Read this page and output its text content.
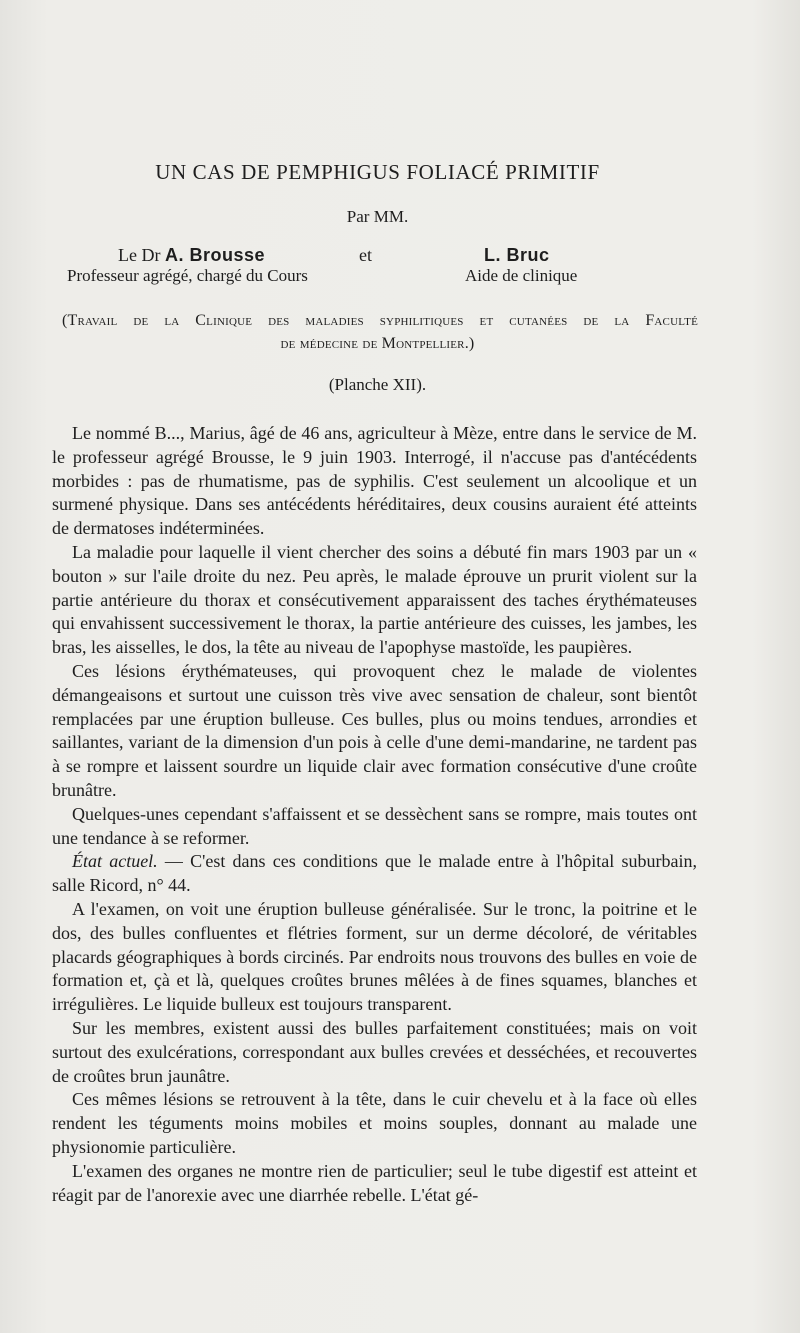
UN CAS DE PEMPHIGUS FOLIACÉ PRIMITIF
Par MM.
Le Dr A. Brousse	et	L. Bruc
Professeur agrégé, chargé du Cours	Aide de clinique
(Travail de la Clinique des maladies syphilitiques et cutanées de la Faculté
de médecine de Montpellier.)
(Planche XII).

Le nommé B..., Marius, âgé de 46 ans, agriculteur à Mèze, entre dans le service de M. le professeur agrégé Brousse, le 9 juin 1903. Interrogé, il n'accuse pas d'antécédents morbides : pas de rhumatisme, pas de syphilis. C'est seulement un alcoolique et un surmené physique. Dans ses antécédents héréditaires, deux cousins auraient été atteints de dermatoses indéterminées.

La maladie pour laquelle il vient chercher des soins a débuté fin mars 1903 par un « bouton » sur l'aile droite du nez. Peu après, le malade éprouve un prurit violent sur la partie antérieure du thorax et consécutivement apparaissent des taches érythémateuses qui envahissent successivement le thorax, la partie antérieure des cuisses, les jambes, les bras, les aisselles, le dos, la tête au niveau de l'apophyse mastoïde, les paupières.

Ces lésions érythémateuses, qui provoquent chez le malade de violentes démangeaisons et surtout une cuisson très vive avec sensation de chaleur, sont bientôt remplacées par une éruption bulleuse. Ces bulles, plus ou moins tendues, arrondies et saillantes, variant de la dimension d'un pois à celle d'une demi-mandarine, ne tardent pas à se rompre et laissent sourdre un liquide clair avec formation consécutive d'une croûte brunâtre.

Quelques-unes cependant s'affaissent et se dessèchent sans se rompre, mais toutes ont une tendance à se reformer.

État actuel. — C'est dans ces conditions que le malade entre à l'hôpital suburbain, salle Ricord, n° 44.

A l'examen, on voit une éruption bulleuse généralisée. Sur le tronc, la poitrine et le dos, des bulles confluentes et flétries forment, sur un derme décoloré, de véritables placards géographiques à bords circinés. Par endroits nous trouvons des bulles en voie de formation et, çà et là, quelques croûtes brunes mêlées à de fines squames, blanches et irrégulières. Le liquide bulleux est toujours transparent.

Sur les membres, existent aussi des bulles parfaitement constituées; mais on voit surtout des exulcérations, correspondant aux bulles crevées et desséchées, et recouvertes de croûtes brun jaunâtre.

Ces mêmes lésions se retrouvent à la tête, dans le cuir chevelu et à la face où elles rendent les téguments moins mobiles et moins souples, donnant au malade une physionomie particulière.

L'examen des organes ne montre rien de particulier; seul le tube digestif est atteint et réagit par de l'anorexie avec une diarrhée rebelle. L'état gé-
